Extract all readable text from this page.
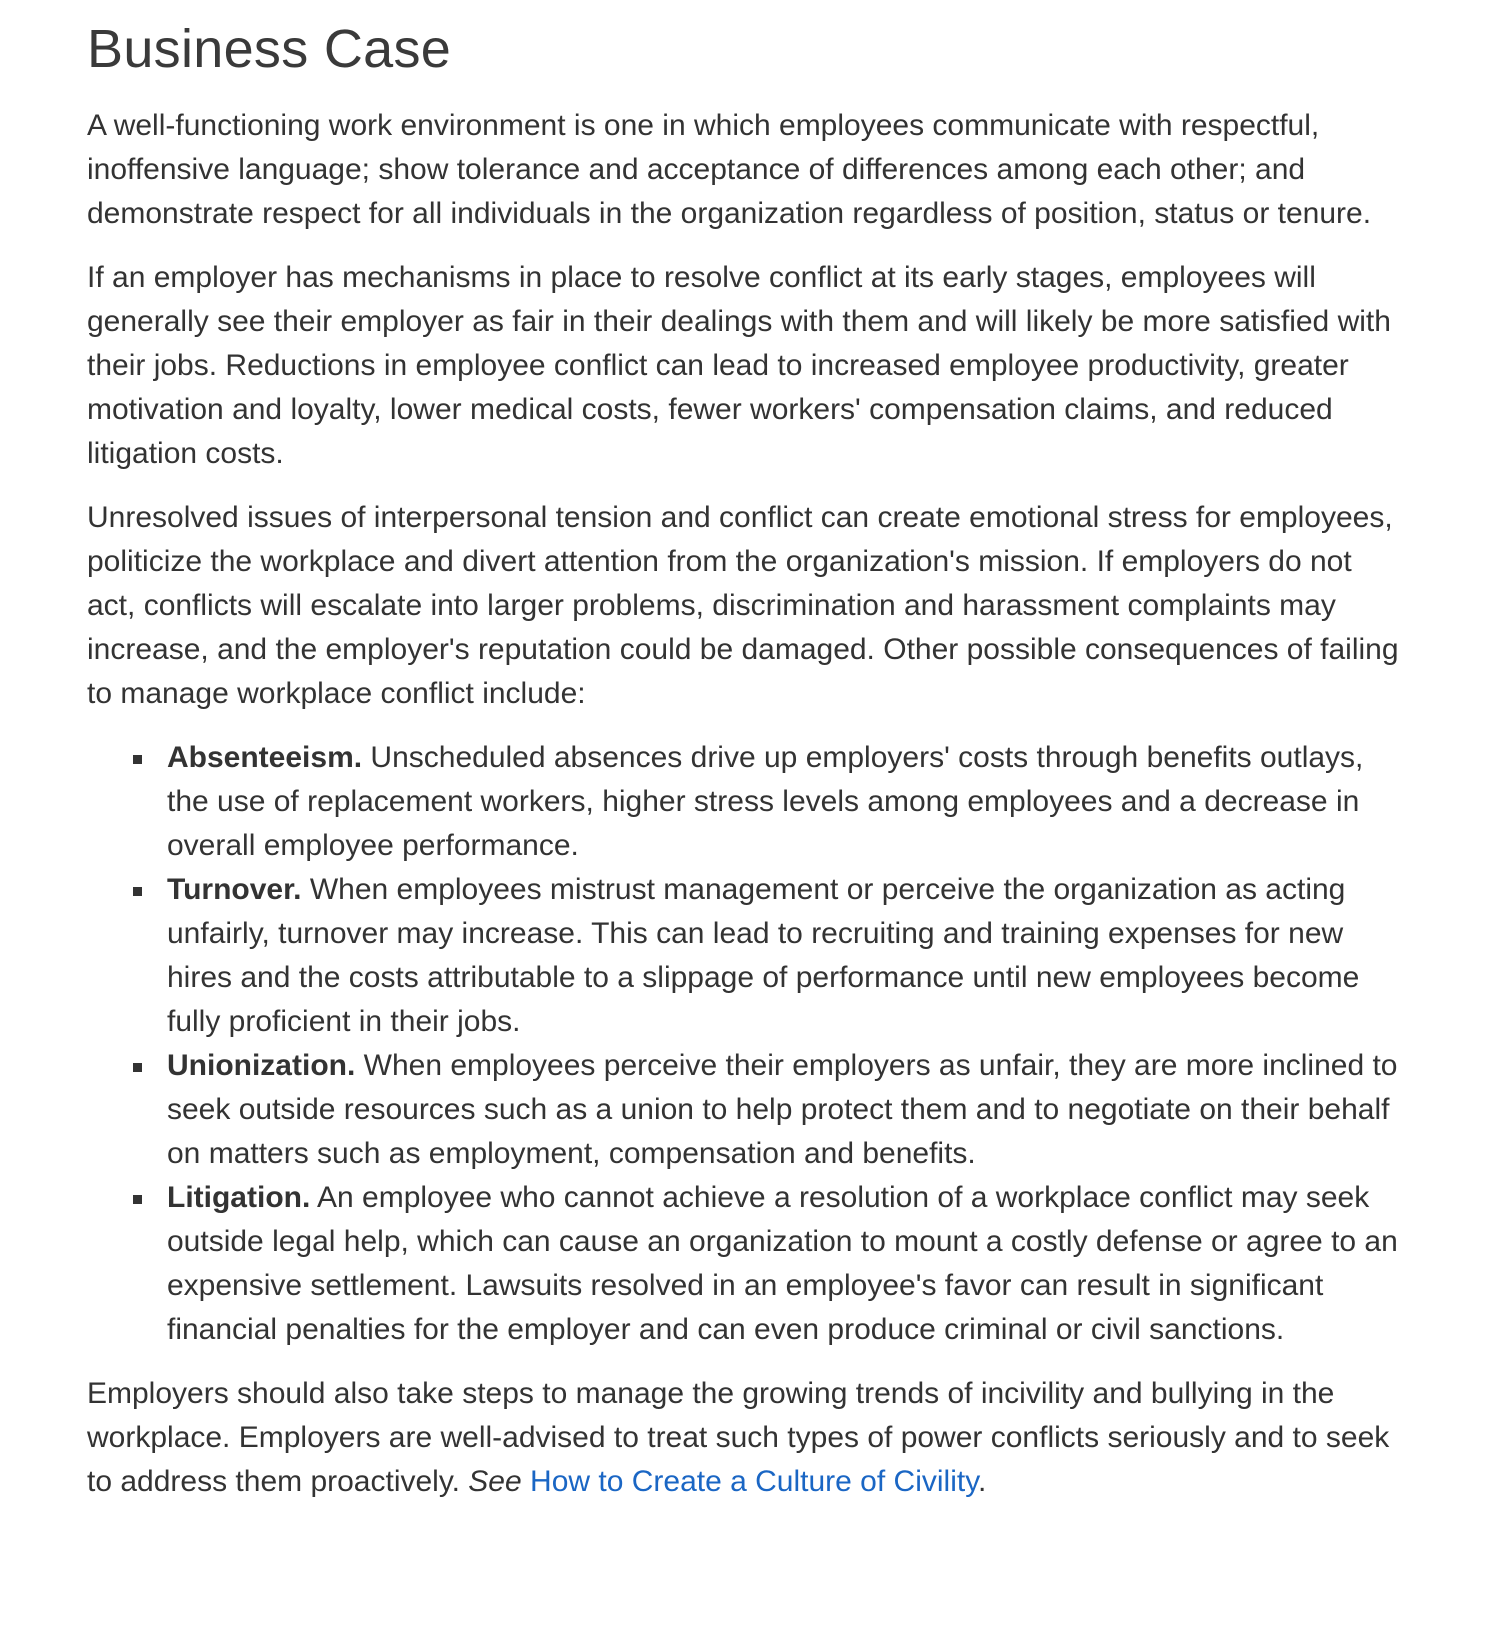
Business Case

A well-functioning work environment is one in which employees communicate with respectful, inoffensive language; show tolerance and acceptance of differences among each other; and demonstrate respect for all individuals in the organization regardless of position, status or tenure.

If an employer has mechanisms in place to resolve conflict at its early stages, employees will generally see their employer as fair in their dealings with them and will likely be more satisfied with their jobs. Reductions in employee conflict can lead to increased employee productivity, greater motivation and loyalty, lower medical costs, fewer workers' compensation claims, and reduced litigation costs.

Unresolved issues of interpersonal tension and conflict can create emotional stress for employees, politicize the workplace and divert attention from the organization's mission. If employers do not act, conflicts will escalate into larger problems, discrimination and harassment complaints may increase, and the employer's reputation could be damaged. Other possible consequences of failing to manage workplace conflict include:

Absenteeism. Unscheduled absences drive up employers' costs through benefits outlays, the use of replacement workers, higher stress levels among employees and a decrease in overall employee performance.
Turnover. When employees mistrust management or perceive the organization as acting unfairly, turnover may increase. This can lead to recruiting and training expenses for new hires and the costs attributable to a slippage of performance until new employees become fully proficient in their jobs.
Unionization. When employees perceive their employers as unfair, they are more inclined to seek outside resources such as a union to help protect them and to negotiate on their behalf on matters such as employment, compensation and benefits.
Litigation. An employee who cannot achieve a resolution of a workplace conflict may seek outside legal help, which can cause an organization to mount a costly defense or agree to an expensive settlement. Lawsuits resolved in an employee's favor can result in significant financial penalties for the employer and can even produce criminal or civil sanctions.

Employers should also take steps to manage the growing trends of incivility and bullying in the workplace. Employers are well-advised to treat such types of power conflicts seriously and to seek to address them proactively. See How to Create a Culture of Civility.
